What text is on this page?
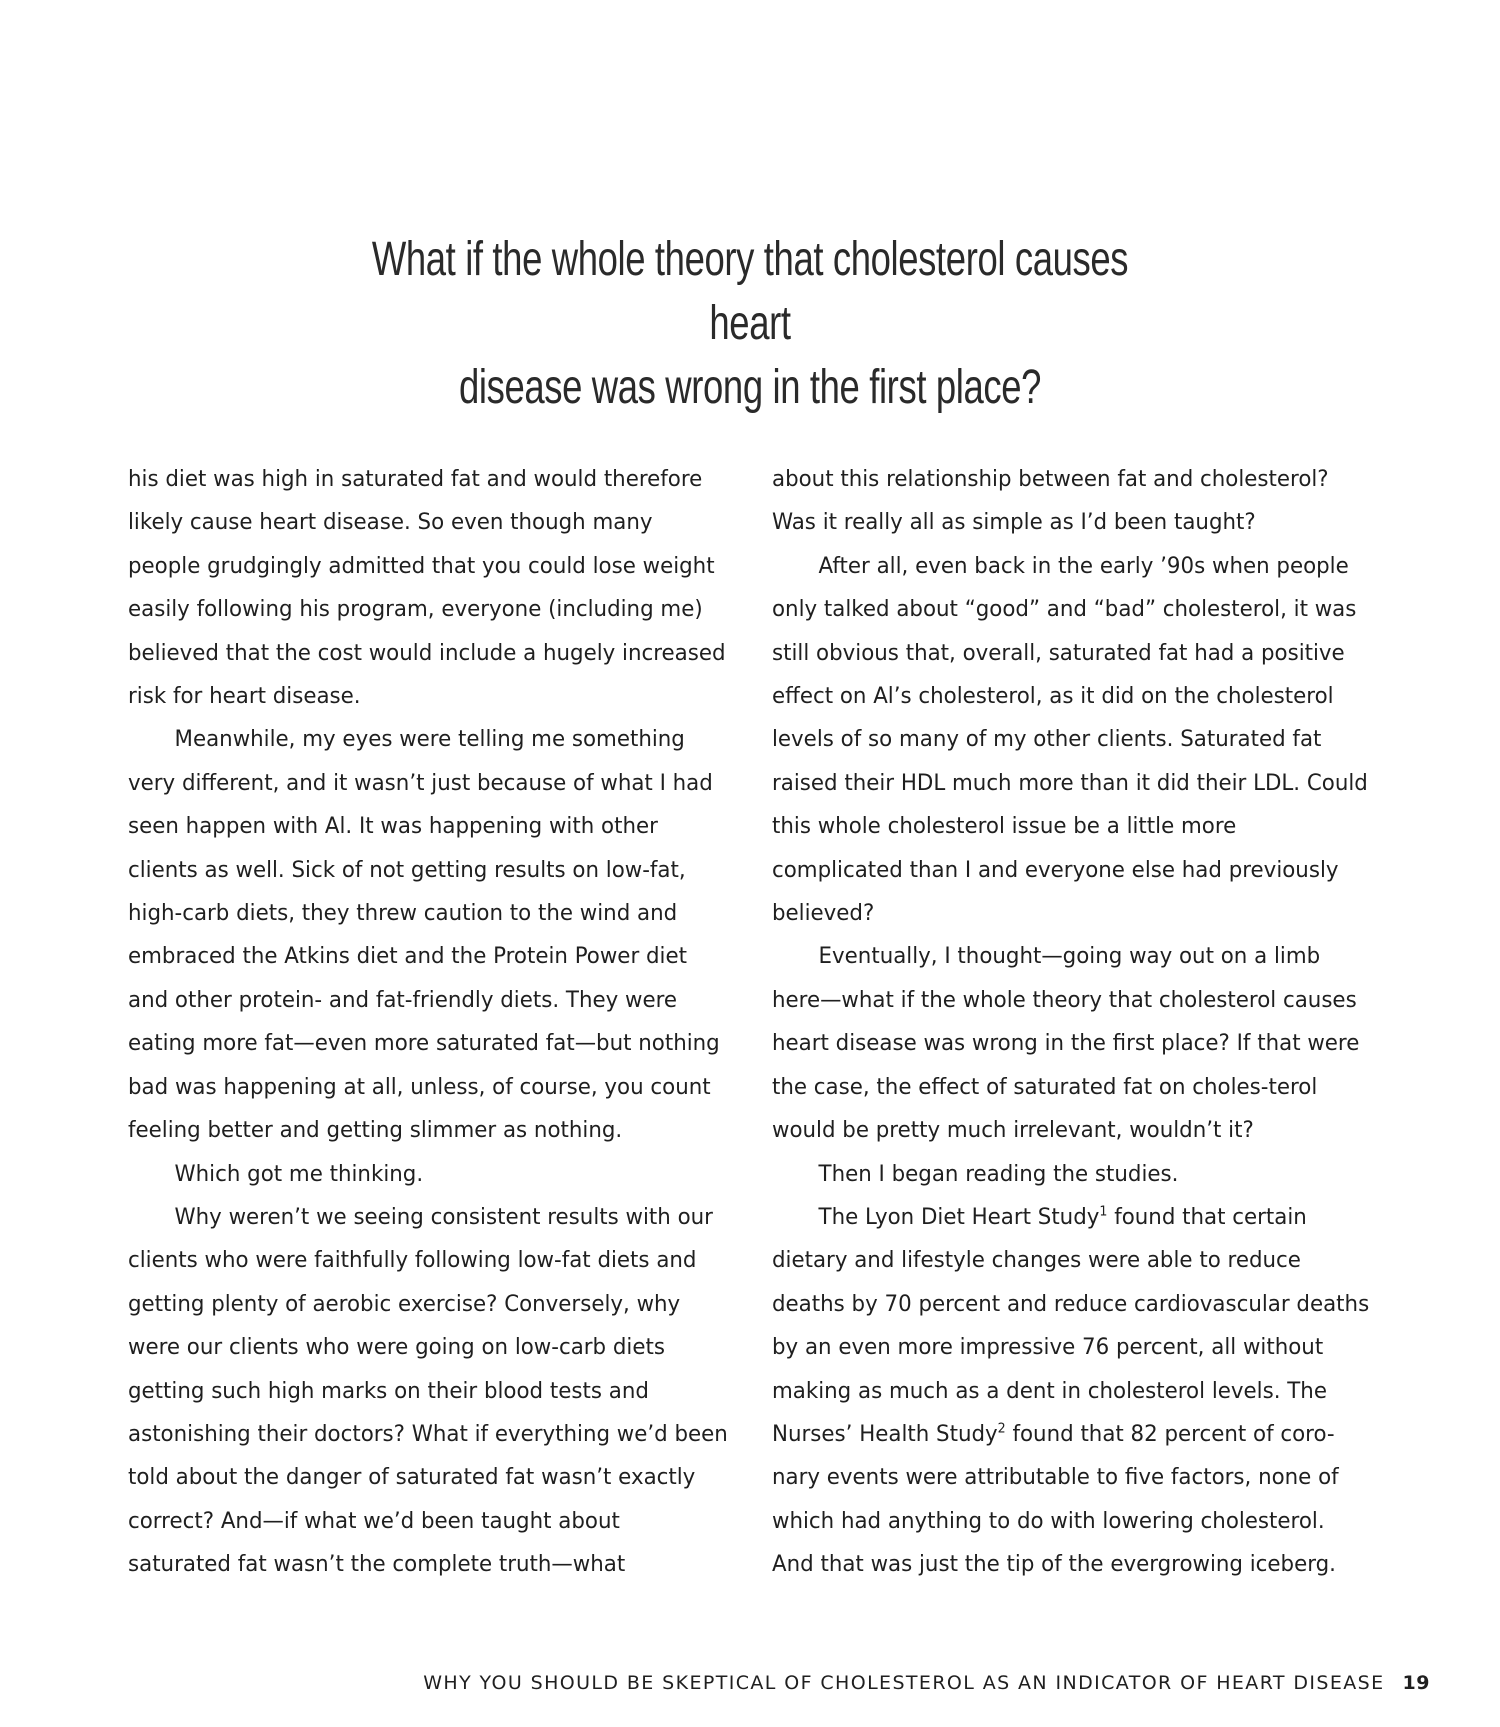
What if the whole theory that cholesterol causes heart
disease was wrong in the first place?

his diet was high in saturated fat and would therefore likely cause heart disease. So even though many people grudgingly admitted that you could lose weight easily following his program, everyone (including me) believed that the cost would include a hugely increased risk for heart disease.

Meanwhile, my eyes were telling me something very different, and it wasn’t just because of what I had seen happen with Al. It was happening with other clients as well. Sick of not getting results on low-fat, high-carb diets, they threw caution to the wind and embraced the Atkins diet and the Protein Power diet and other protein- and fat-friendly diets. They were eating more fat—even more saturated fat—but nothing bad was happening at all, unless, of course, you count feeling better and getting slimmer as nothing.

Which got me thinking.

Why weren’t we seeing consistent results with our clients who were faithfully following low-fat diets and getting plenty of aerobic exercise? Conversely, why were our clients who were going on low-carb diets getting such high marks on their blood tests and astonishing their doctors? What if everything we’d been told about the danger of saturated fat wasn’t exactly correct? And—if what we’d been taught about saturated fat wasn’t the complete truth—what

about this relationship between fat and cholesterol? Was it really all as simple as I’d been taught?

After all, even back in the early ’90s when people only talked about “good” and “bad” cholesterol, it was still obvious that, overall, saturated fat had a positive effect on Al’s cholesterol, as it did on the cholesterol levels of so many of my other clients. Saturated fat raised their HDL much more than it did their LDL. Could this whole cholesterol issue be a little more complicated than I and everyone else had previously believed?

Eventually, I thought—going way out on a limb here—what if the whole theory that cholesterol causes heart disease was wrong in the first place? If that were the case, the effect of saturated fat on choles-terol would be pretty much irrelevant, wouldn’t it?

Then I began reading the studies.

The Lyon Diet Heart Study$^1$ found that certain dietary and lifestyle changes were able to reduce deaths by 70 percent and reduce cardiovascular deaths by an even more impressive 76 percent, all without making as much as a dent in cholesterol levels. The Nurses’ Health Study$^2$ found that 82 percent of coro-nary events were attributable to five factors, none of which had anything to do with lowering cholesterol. And that was just the tip of the evergrowing iceberg.

WHY YOU SHOULD BE SKEPTICAL OF CHOLESTEROL AS AN INDICATOR OF HEART DISEASE 19
